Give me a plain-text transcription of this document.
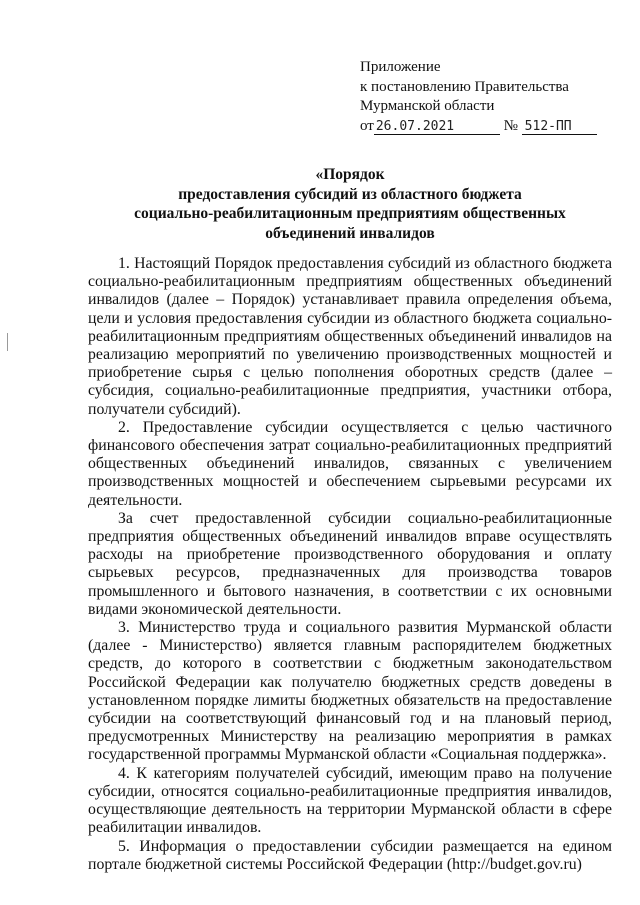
Приложение
к постановлению Правительства
Мурманской области
от 26.07.2021	№ 512-ПП
«Порядок
предоставления субсидий из областного бюджета
социально-реабилитационным предприятиям общественных
объединений инвалидов

1. Настоящий Порядок предоставления субсидий из областного бюджета социально-реабилитационным предприятиям общественных объединений инвалидов (далее – Порядок) устанавливает правила определения объема, цели и условия предоставления субсидии из областного бюджета социально-реабилитационным предприятиям общественных объединений инвалидов на реализацию мероприятий по увеличению производственных мощностей и приобретение сырья с целью пополнения оборотных средств (далее – субсидия, социально-реабилитационные предприятия, участники отбора, получатели субсидий).

2. Предоставление субсидии осуществляется с целью частичного финансового обеспечения затрат социально-реабилитационных предприятий общественных объединений инвалидов, связанных с увеличением производственных мощностей и обеспечением сырьевыми ресурсами их деятельности.

За счет предоставленной субсидии социально-реабилитационные предприятия общественных объединений инвалидов вправе осуществлять расходы на приобретение производственного оборудования и оплату сырьевых ресурсов, предназначенных для производства товаров промышленного и бытового назначения, в соответствии с их основными видами экономической деятельности.

3. Министерство труда и социального развития Мурманской области (далее - Министерство) является главным распорядителем бюджетных средств, до которого в соответствии с бюджетным законодательством Российской Федерации как получателю бюджетных средств доведены в установленном порядке лимиты бюджетных обязательств на предоставление субсидии на соответствующий финансовый год и на плановый период, предусмотренных Министерству на реализацию мероприятия в рамках государственной программы Мурманской области «Социальная поддержка».

4. К категориям получателей субсидий, имеющим право на получение субсидии, относятся социально-реабилитационные предприятия инвалидов, осуществляющие деятельность на территории Мурманской области в сфере реабилитации инвалидов.

5. Информация о предоставлении субсидии размещается на едином портале бюджетной системы Российской Федерации (http://budget.gov.ru)
